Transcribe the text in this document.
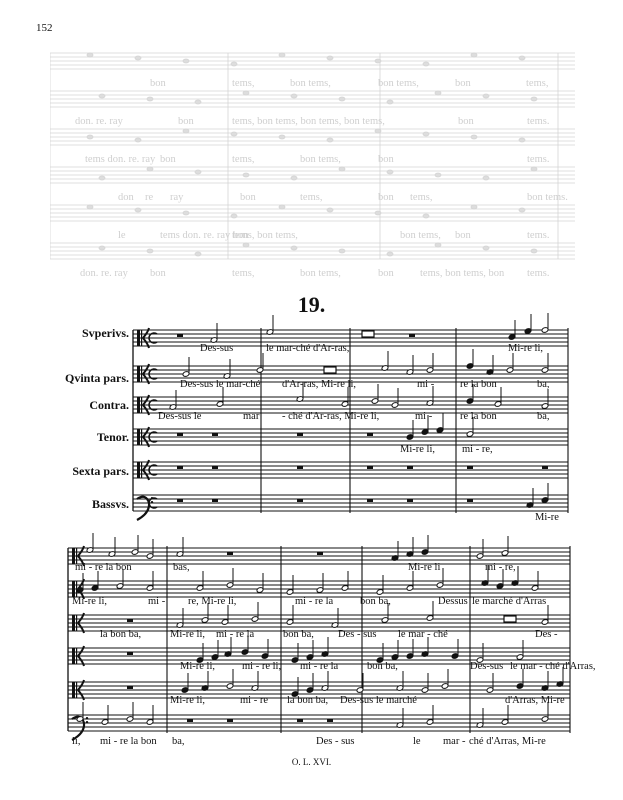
152
19.
Svperivs.
Qvinta pars.
Contra.
Tenor.
Sexta pars.
Bassvs.
Des-sus	le mar-ché d'Ar-ras,	Mi-re li,
Des-sus le mar-ché d'Ar-ras, Mi-re li,	mi - re la bon	ba,
Des-sus le	mar - ché d'Ar-ras, Mi-re li,	mi -	re la bon	ba,
Mi-re li,	mi - re,
Mi-re
mi - re la bon	bas,	Mi-re li	mi - re,
Mi-re li,	mi - re, Mi-re li,	mi - re la	bon ba,	Dessus le marché d'Arras
la bon ba,	Mi-re li, mi - re la	bon ba, Des - sus le mar - ché	Des -
Mi-re li,	mi - re li, mi - re la	bon ba,	Des-sus le mar - ché d'Arras,
Mi-re li,	mi - re la bon ba, Des-sus le marché	d'Arras, Mi-re
li, mi - re la bon ba,	Des - sus	le mar - ché d'Arras, Mi-re
bon	tems,	bon tems,	bon tems,	bon	tems,
don. re. ray	bon	tems, bon tems, bon tems, bon tems,	bon	tems.
tems don. re. ray bon	tems,	bon tems,	bon	tems.
don re ray	bon	tems,	bon tems,	bon tems.
le	tems don. re. ray bon
tems, bon tems,	bon tems, bon	tems.
don. re. ray bon	tems,	bon tems,	bon	tems, bon tems, bon tems.
O. L. XVI.
